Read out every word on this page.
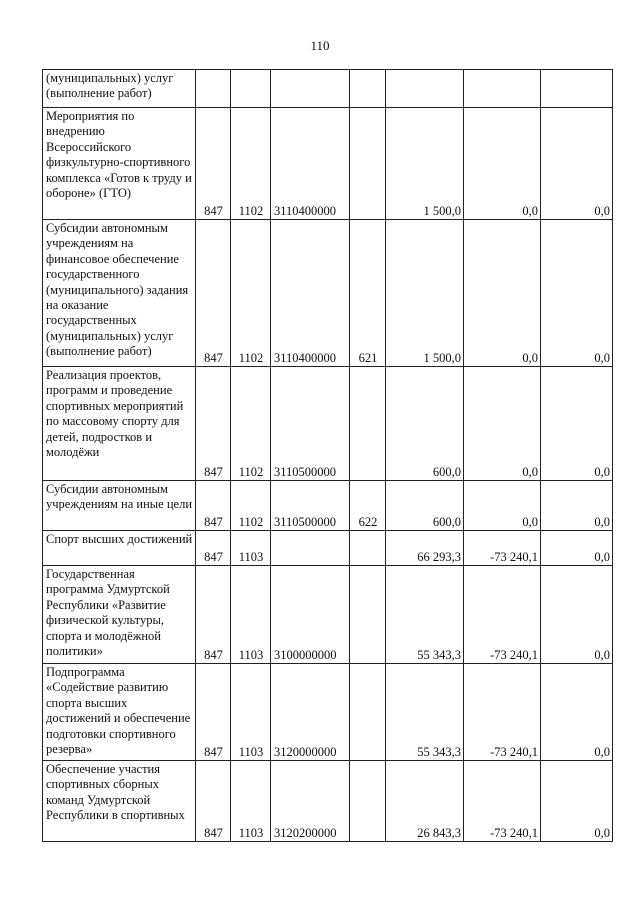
110
(муниципальных) услуг (выполнение работ)							
Мероприятия по внедрению Всероссийского физкультурно-спортивного комплекса «Готов к труду и обороне» (ГТО)	847	1102	3110400000		1 500,0	0,0	0,0
Субсидии автономным учреждениям на финансовое обеспечение государственного (муниципального) задания на оказание государственных (муниципальных) услуг (выполнение работ)	847	1102	3110400000	621	1 500,0	0,0	0,0
Реализация проектов, программ и проведение спортивных мероприятий по массовому спорту для детей, подростков и молодёжи	847	1102	3110500000		600,0	0,0	0,0
Субсидии автономным учреждениям на иные цели	847	1102	3110500000	622	600,0	0,0	0,0
Спорт высших достижений	847	1103			66 293,3	-73 240,1	0,0
Государственная программа Удмуртской Республики «Развитие физической культуры, спорта и молодёжной политики»	847	1103	3100000000		55 343,3	-73 240,1	0,0
Подпрограмма «Содействие развитию спорта высших достижений и обеспечение подготовки спортивного резерва»	847	1103	3120000000		55 343,3	-73 240,1	0,0
Обеспечение участия спортивных сборных команд Удмуртской Республики в спортивных	847	1103	3120200000		26 843,3	-73 240,1	0,0
